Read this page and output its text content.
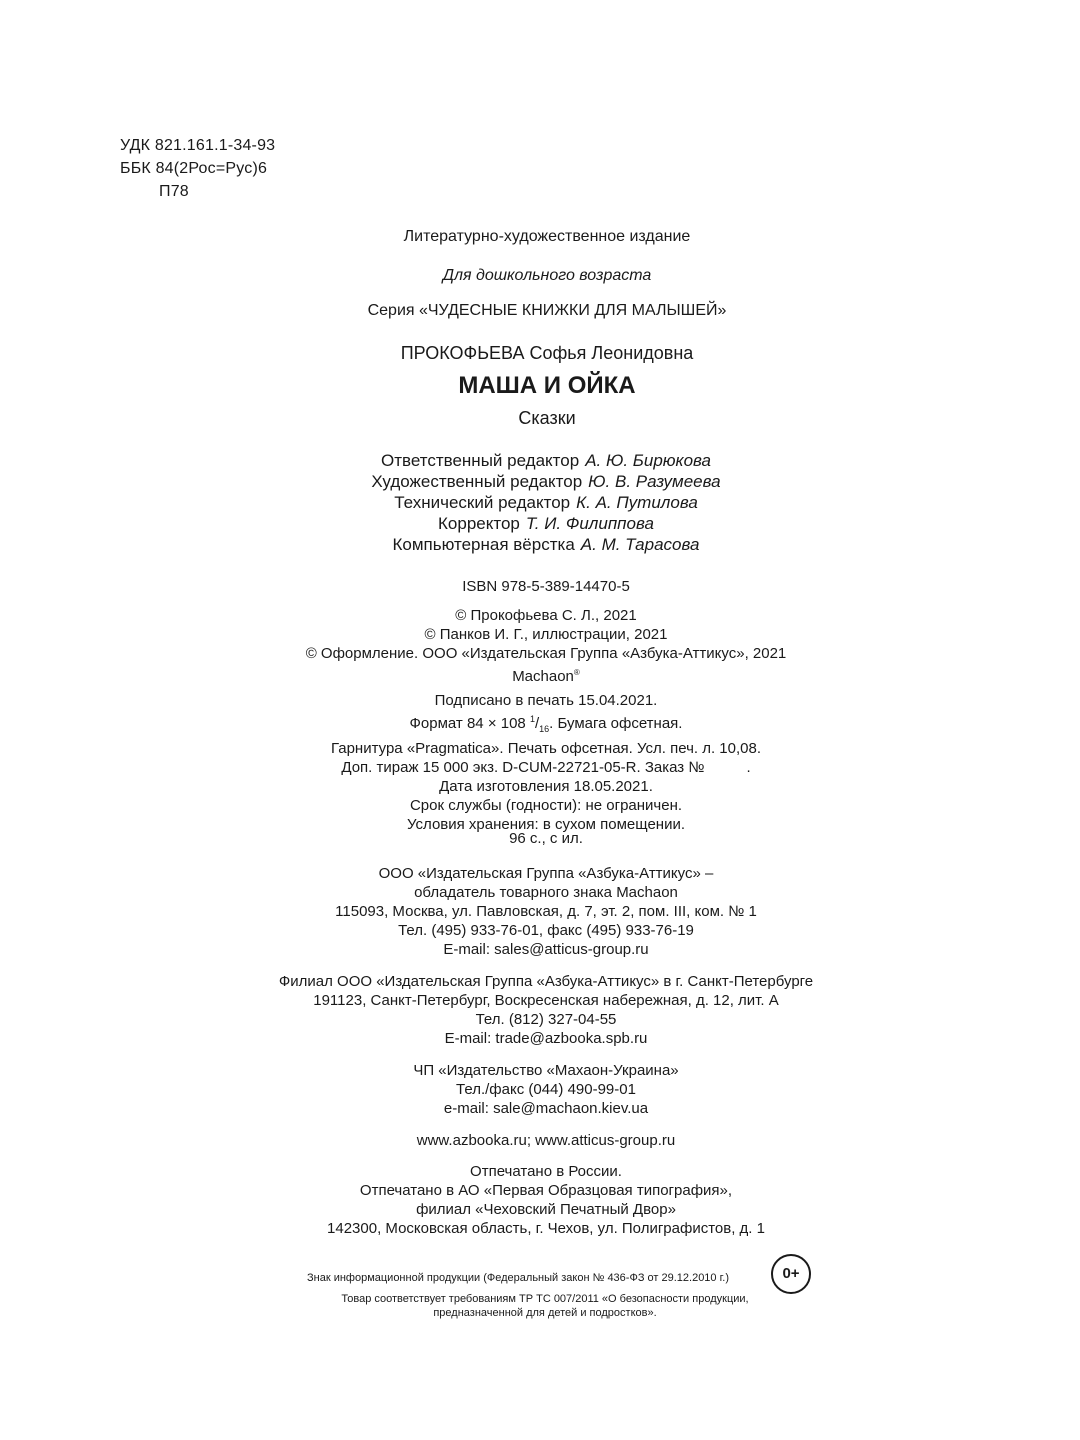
УДК 821.161.1-34-93
ББК 84(2Рос=Рус)6
П78
Литературно-художественное издание
Для дошкольного возраста
Серия «ЧУДЕСНЫЕ КНИЖКИ ДЛЯ МАЛЫШЕЙ»
ПРОКОФЬЕВА Софья Леонидовна
МАША И ОЙКА
Сказки
Ответственный редактор А. Ю. Бирюкова
Художественный редактор Ю. В. Разумеева
Технический редактор К. А. Путилова
Корректор Т. И. Филиппова
Компьютерная вёрстка А. М. Тарасова
ISBN 978-5-389-14470-5
© Прокофьева С. Л., 2021
© Панков И. Г., иллюстрации, 2021
© Оформление. ООО «Издательская Группа «Азбука-Аттикус», 2021
Machaon®
Подписано в печать 15.04.2021.
Формат 84 × 108 $^1/_{16}$. Бумага офсетная.
Гарнитура «Pragmatica». Печать офсетная. Усл. печ. л. 10,08.
Доп. тираж 15 000 экз. D-CUM-22721-05-R. Заказ №	.
Дата изготовления 18.05.2021.
Срок службы (годности): не ограничен.
Условия хранения: в сухом помещении.
96 с., с ил.
ООО «Издательская Группа «Азбука-Аттикус» –
обладатель товарного знака Machaon
115093, Москва, ул. Павловская, д. 7, эт. 2, пом. III, ком. № 1
Тел. (495) 933-76-01, факс (495) 933-76-19
E-mail: sales@atticus-group.ru
Филиал ООО «Издательская Группа «Азбука-Аттикус» в г. Санкт-Петербурге
191123, Санкт-Петербург, Воскресенская набережная, д. 12, лит. А
Тел. (812) 327-04-55
E-mail: trade@azbooka.spb.ru
ЧП «Издательство «Махаон-Украина»
Тел./факс (044) 490-99-01
e-mail: sale@machaon.kiev.ua
www.azbooka.ru; www.atticus-group.ru
Отпечатано в России.
Отпечатано в АО «Первая Образцовая типография»,
филиал «Чеховский Печатный Двор»
142300, Московская область, г. Чехов, ул. Полиграфистов, д. 1
Знак информационной продукции (Федеральный закон № 436-ФЗ от 29.12.2010 г.)	0+
Товар соответствует требованиям ТР ТС 007/2011 «О безопасности продукции,
предназначенной для детей и подростков».
